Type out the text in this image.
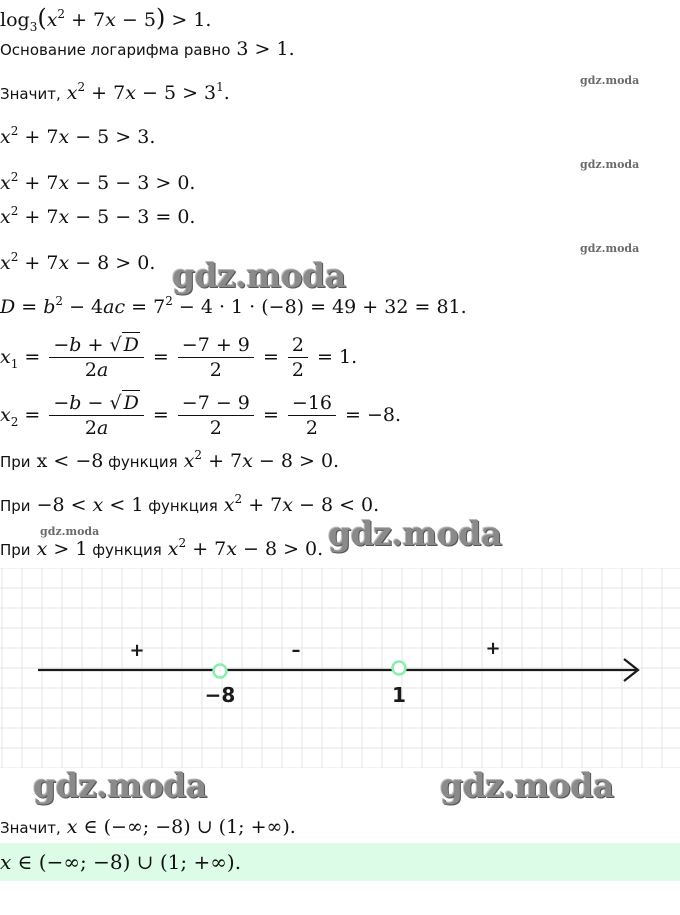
$\log_3(x^2 + 7x - 5) > 1$.
Основание логарифма равно 3 > 1.
Значит, $x^2 + 7x - 5 > 3^1$.
gdz.moda
$x^2 + 7x - 5 > 3$.
gdz.moda
$x^2 + 7x - 5 - 3 > 0$.
$x^2 + 7x - 5 - 3 = 0$.
gdz.moda
$x^2 + 7x - 8 > 0$. gdz.moda
$D = b^2 - 4ac = 7^2 - 4 \cdot 1 \cdot (-8) = 49 + 32 = 81$.
$x_1 = \frac{-b + √ D}{2a} = \frac{-7 + 9}{2} = \frac{2}{2} = 1$.
$x_2 = \frac{-b - √ D}{2a} = \frac{-7 - 9}{2} = \frac{-16}{2} = -8$.
При x < −8 функция $x^2 + 7x - 8 > 0$.
При −8 < x < 1 функция $x^2 + 7x - 8 < 0$.
gdz.moda	gdz.moda
При x > 1 функция $x^2 + 7x - 8 > 0$.
−8	1
+	–	+
gdz.moda	gdz.moda
Значит, x ∈ (−∞; −8) ∪ (1; +∞).
x ∈ (−∞; −8) ∪ (1; +∞).
